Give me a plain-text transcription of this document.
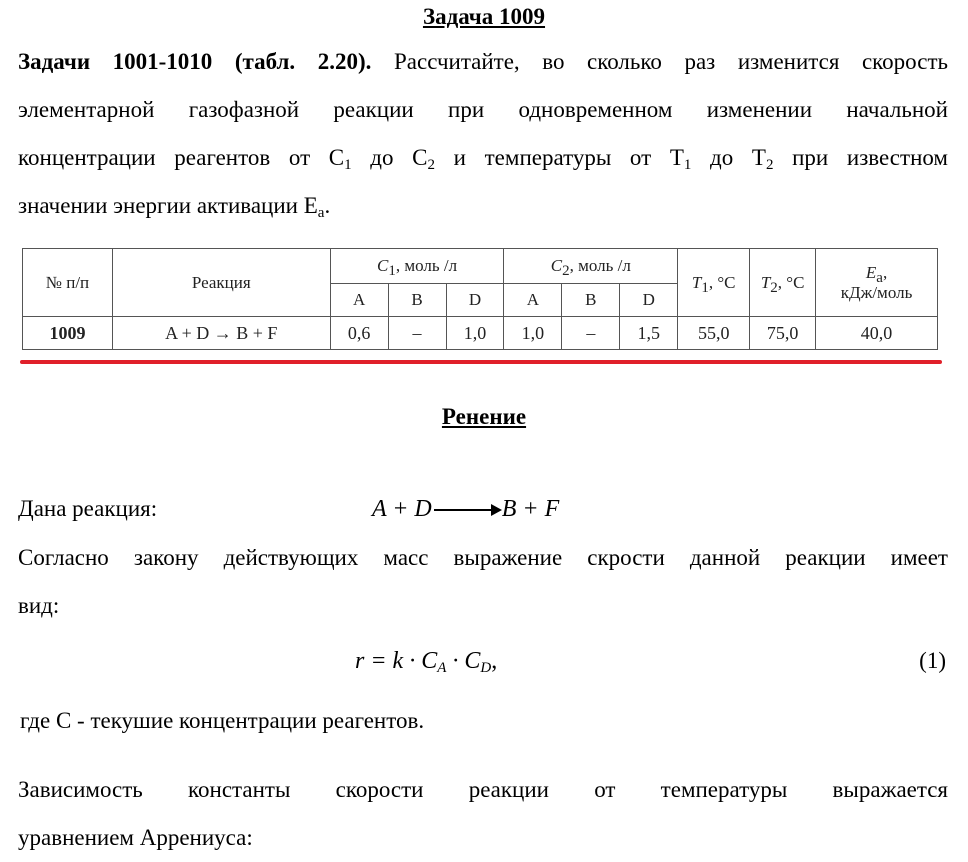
Задача 1009
Задачи 1001-1010 (табл. 2.20). Рассчитайте, во сколько раз изменится скорость
элементарной газофазной реакции при одновременном изменении начальной
концентрации реагентов от $C_1$ до $C_2$ и температуры от $T_1$ до $T_2$ при известном
значении энергии активации $E_a$.
№ п/п	Реакция	$C_1$, моль /л			$C_2$, моль /л			$T_1$, °C	$T_2$, °C	$E_a$,
кДж/моль
		A	B	D	A	B	D			
1009	A + D → B + F	0,6	–	1,0	1,0	–	1,5	55,0	75,0	40,0
Ренение
Дана реакция:	A + D	B + F
Согласно закону действующих масс выражение скрости данной реакции имеет
вид:
$r = k \cdot C_A \cdot C_D$,	(1)
где С - текушие концентрации реагентов.
Зависимость константы скорости реакции от температуры выражается
уравнением Аррениуса:
